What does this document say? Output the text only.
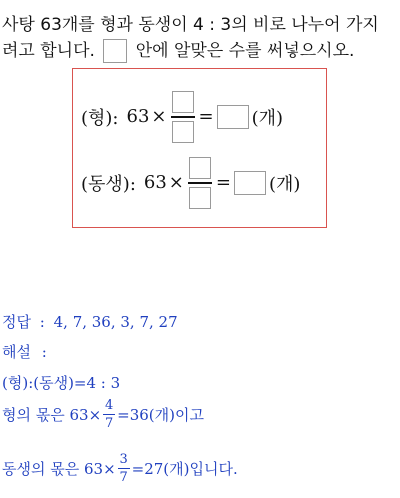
사탕 63개를 형과 동생이 4 : 3의 비로 나누어 가지
려고 합니다. 안에 알맞은 수를 써넣으시오.
(형): 63 × = (개)
(동생): 63 × = (개)
정답 : 4, 7, 36, 3, 7, 27
해설 :
(형):(동생)=4 : 3
형의 몫은 63×
4
7 =36(개)이고
동생의 몫은 63×
3
7 =27(개)입니다.
